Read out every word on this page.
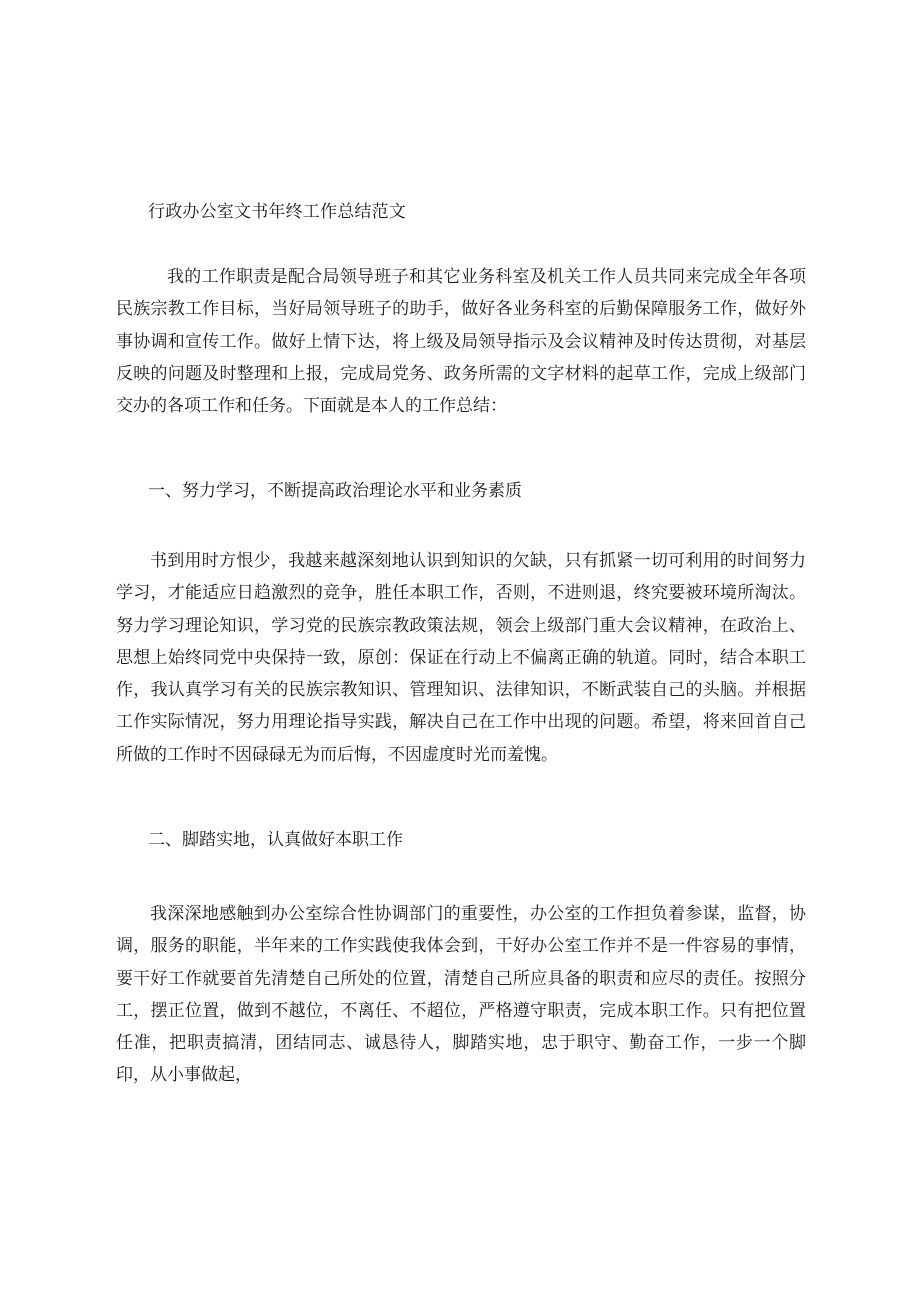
行政办公室文书年终工作总结范文

我的工作职责是配合局领导班子和其它业务科室及机关工作人员共同来完成全年各项民族宗教工作目标，当好局领导班子的助手，做好各业务科室的后勤保障服务工作，做好外事协调和宣传工作。做好上情下达，将上级及局领导指示及会议精神及时传达贯彻，对基层反映的问题及时整理和上报，完成局党务、政务所需的文字材料的起草工作，完成上级部门交办的各项工作和任务。下面就是本人的工作总结：

一、努力学习，不断提高政治理论水平和业务素质

书到用时方恨少，我越来越深刻地认识到知识的欠缺，只有抓紧一切可利用的时间努力学习，才能适应日趋激烈的竞争，胜任本职工作，否则，不进则退，终究要被环境所淘汰。努力学习理论知识，学习党的民族宗教政策法规，领会上级部门重大会议精神，在政治上、思想上始终同党中央保持一致，原创：保证在行动上不偏离正确的轨道。同时，结合本职工作，我认真学习有关的民族宗教知识、管理知识、法律知识，不断武装自己的头脑。并根据工作实际情况，努力用理论指导实践，解决自己在工作中出现的问题。希望，将来回首自己所做的工作时不因碌碌无为而后悔，不因虚度时光而羞愧。

二、脚踏实地，认真做好本职工作

我深深地感触到办公室综合性协调部门的重要性，办公室的工作担负着参谋，监督，协调，服务的职能，半年来的工作实践使我体会到，干好办公室工作并不是一件容易的事情，要干好工作就要首先清楚自己所处的位置，清楚自己所应具备的职责和应尽的责任。按照分工，摆正位置，做到不越位，不离任、不超位，严格遵守职责，完成本职工作。只有把位置任准，把职责搞清，团结同志、诚恳待人，脚踏实地，忠于职守、勤奋工作，一步一个脚印，从小事做起，
